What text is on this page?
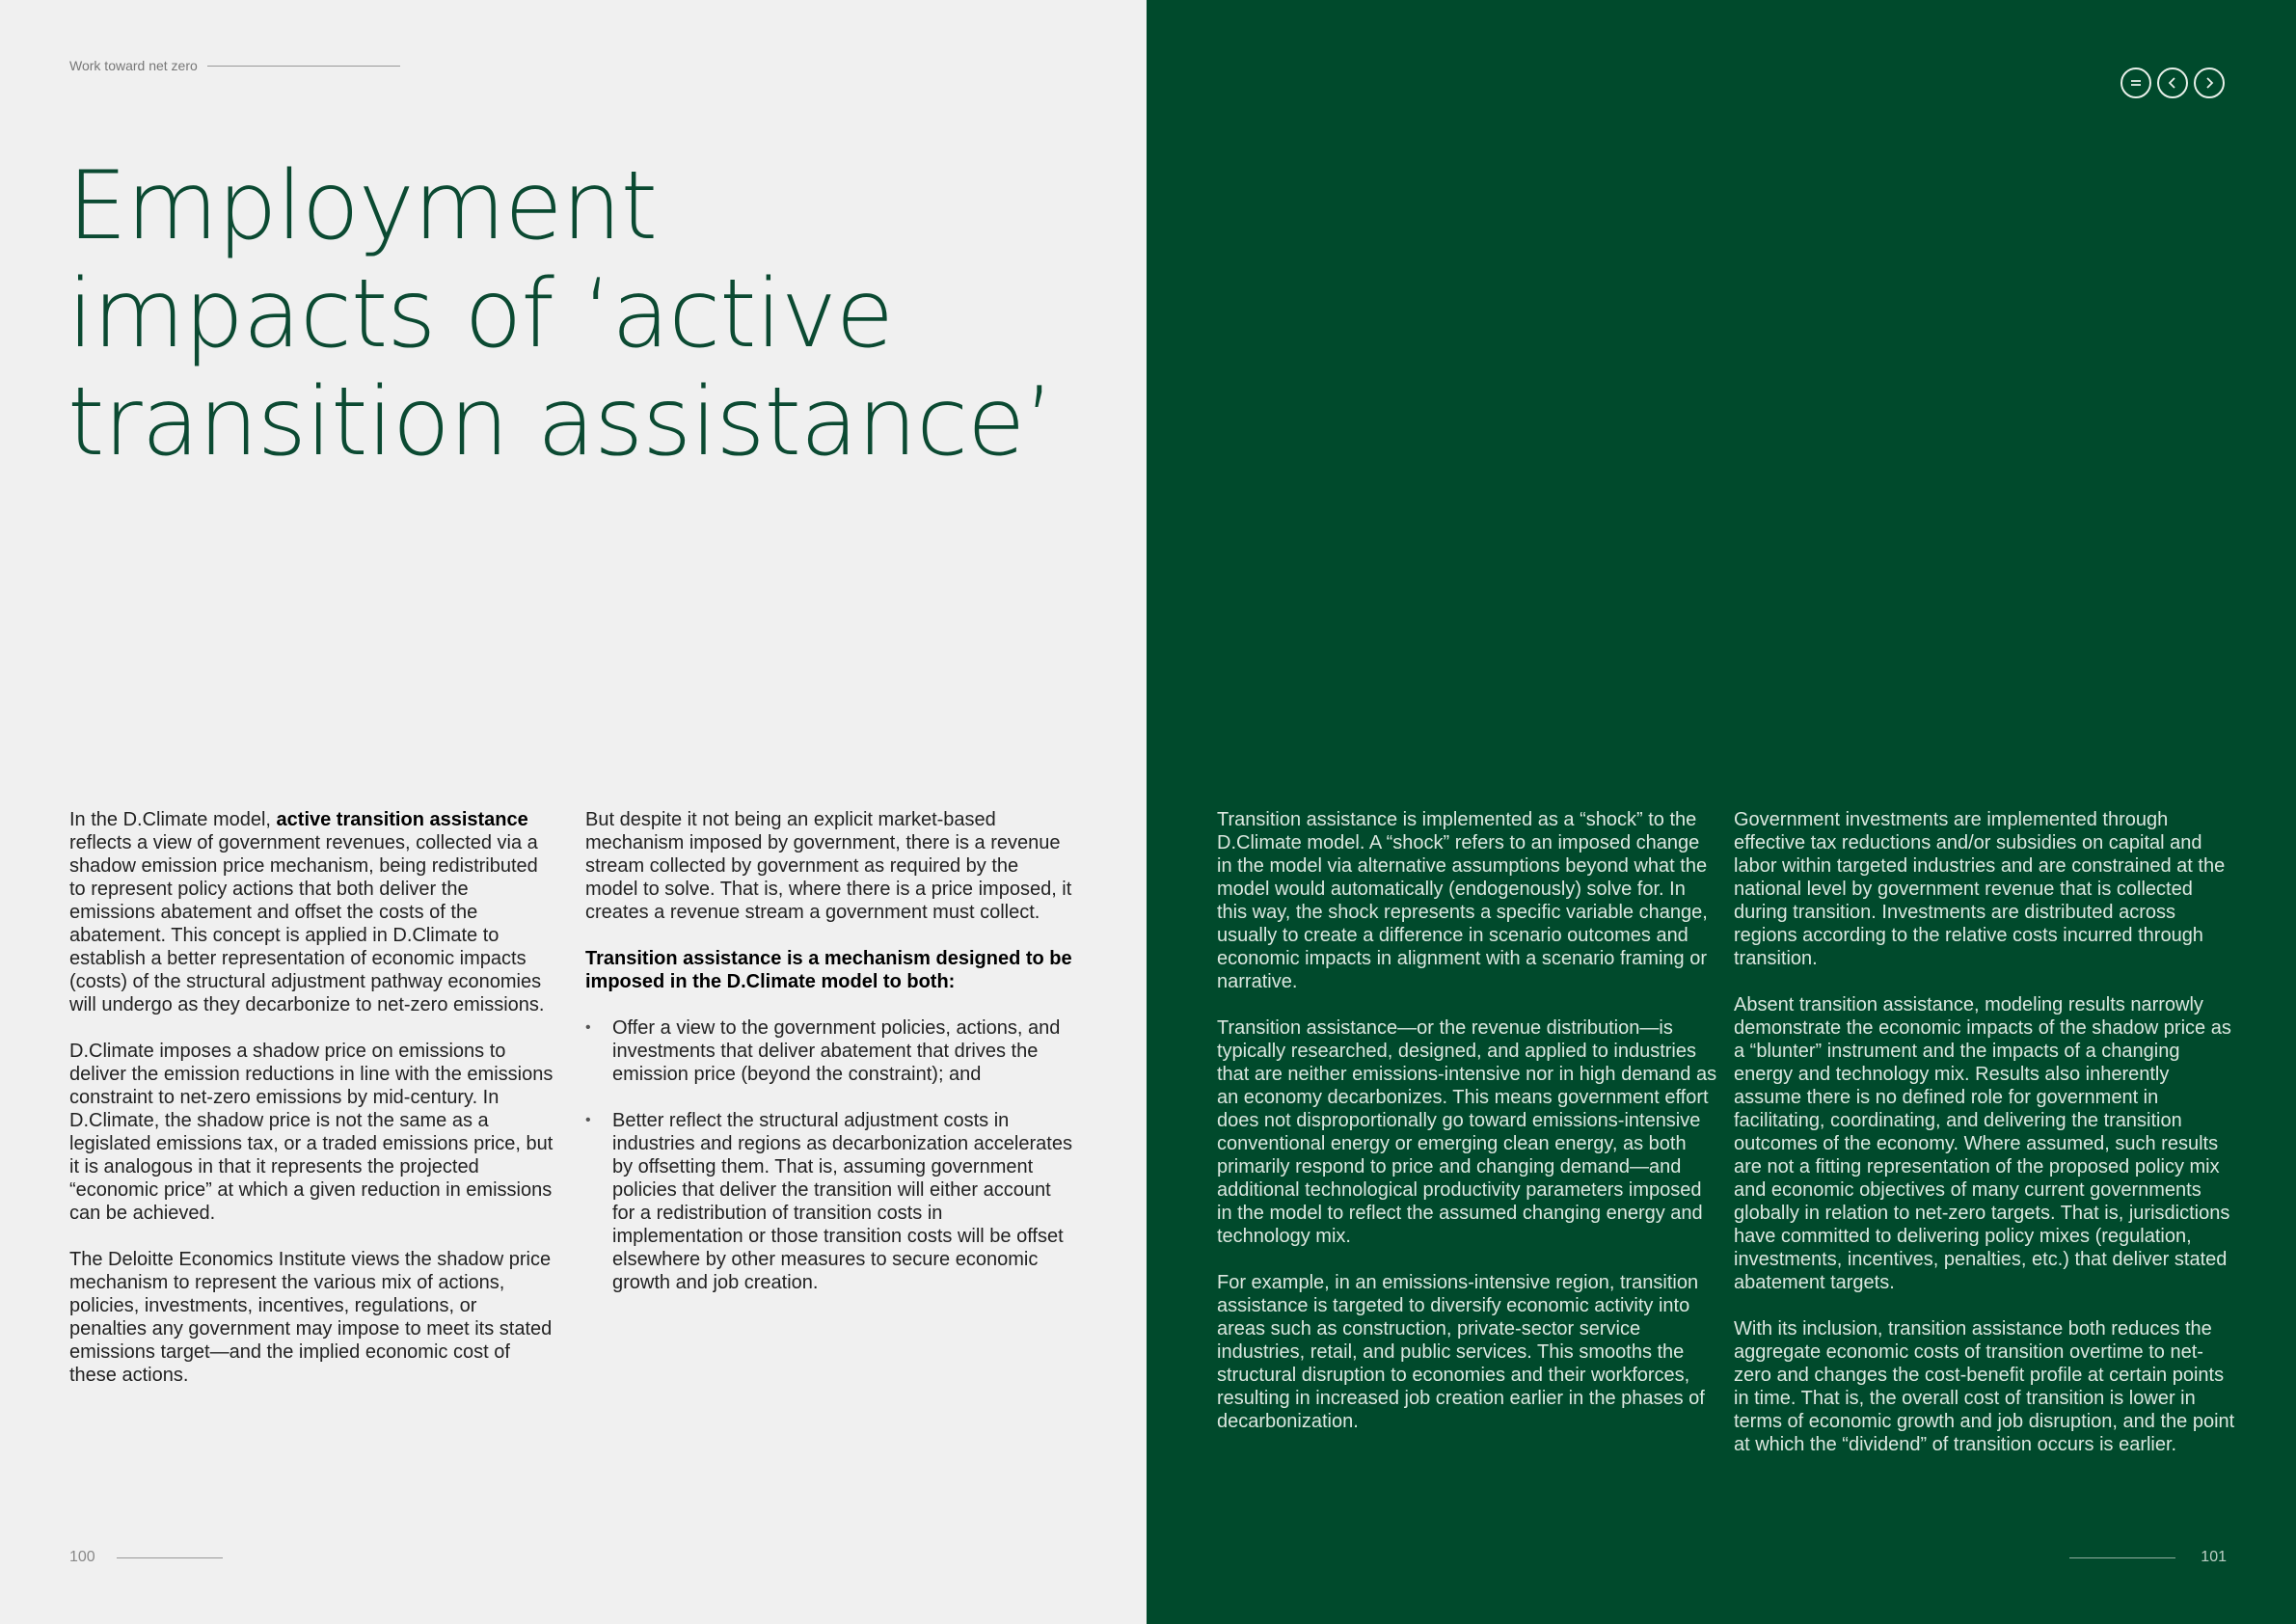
Work toward net zero
Employment
impacts of ‘active
transition assistance’

In the D.Climate model, active transition assistance reflects a view of government revenues, collected via a shadow emission price mechanism, being redistributed to represent policy actions that both deliver the emissions abatement and offset the costs of the abatement. This concept is applied in D.Climate to establish a better representation of economic impacts (costs) of the structural adjustment pathway economies will undergo as they decarbonize to net-zero emissions.

D.Climate imposes a shadow price on emissions to deliver the emission reductions in line with the emissions constraint to net-zero emissions by mid-century. In D.Climate, the shadow price is not the same as a legislated emissions tax, or a traded emissions price, but it is analogous in that it represents the projected “economic price” at which a given reduction in emissions can be achieved.

The Deloitte Economics Institute views the shadow price mechanism to represent the various mix of actions, policies, investments, incentives, regulations, or penalties any government may impose to meet its stated emissions target—and the implied economic cost of these actions.

But despite it not being an explicit market-based mechanism imposed by government, there is a revenue stream collected by government as required by the model to solve. That is, where there is a price imposed, it creates a revenue stream a government must collect.

Transition assistance is a mechanism designed to be imposed in the D.Climate model to both:

• Offer a view to the government policies, actions, and investments that deliver abatement that drives the emission price (beyond the constraint); and
• Better reflect the structural adjustment costs in industries and regions as decarbonization accelerates by offsetting them. That is, assuming government policies that deliver the transition will either account for a redistribution of transition costs in implementation or those transition costs will be offset elsewhere by other measures to secure economic growth and job creation.
100

Transition assistance is implemented as a “shock” to the D.Climate model. A “shock” refers to an imposed change in the model via alternative assumptions beyond what the model would automatically (endogenously) solve for. In this way, the shock represents a specific variable change, usually to create a difference in scenario outcomes and economic impacts in alignment with a scenario framing or narrative.

Transition assistance—or the revenue distribution—is typically researched, designed, and applied to industries that are neither emissions-intensive nor in high demand as an economy decarbonizes. This means government effort does not disproportionally go toward emissions-intensive conventional energy or emerging clean energy, as both primarily respond to price and changing demand—and additional technological productivity parameters imposed in the model to reflect the assumed changing energy and technology mix.

For example, in an emissions-intensive region, transition assistance is targeted to diversify economic activity into areas such as construction, private-sector service industries, retail, and public services. This smooths the structural disruption to economies and their workforces, resulting in increased job creation earlier in the phases of decarbonization.

Government investments are implemented through effective tax reductions and/or subsidies on capital and labor within targeted industries and are constrained at the national level by government revenue that is collected during transition. Investments are distributed across regions according to the relative costs incurred through transition.

Absent transition assistance, modeling results narrowly demonstrate the economic impacts of the shadow price as a “blunter” instrument and the impacts of a changing energy and technology mix. Results also inherently assume there is no defined role for government in facilitating, coordinating, and delivering the transition outcomes of the economy. Where assumed, such results are not a fitting representation of the proposed policy mix and economic objectives of many current governments globally in relation to net-zero targets. That is, jurisdictions have committed to delivering policy mixes (regulation, investments, incentives, penalties, etc.) that deliver stated abatement targets.

With its inclusion, transition assistance both reduces the aggregate economic costs of transition overtime to net-zero and changes the cost-benefit profile at certain points in time. That is, the overall cost of transition is lower in terms of economic growth and job disruption, and the point at which the “dividend” of transition occurs is earlier.

101
